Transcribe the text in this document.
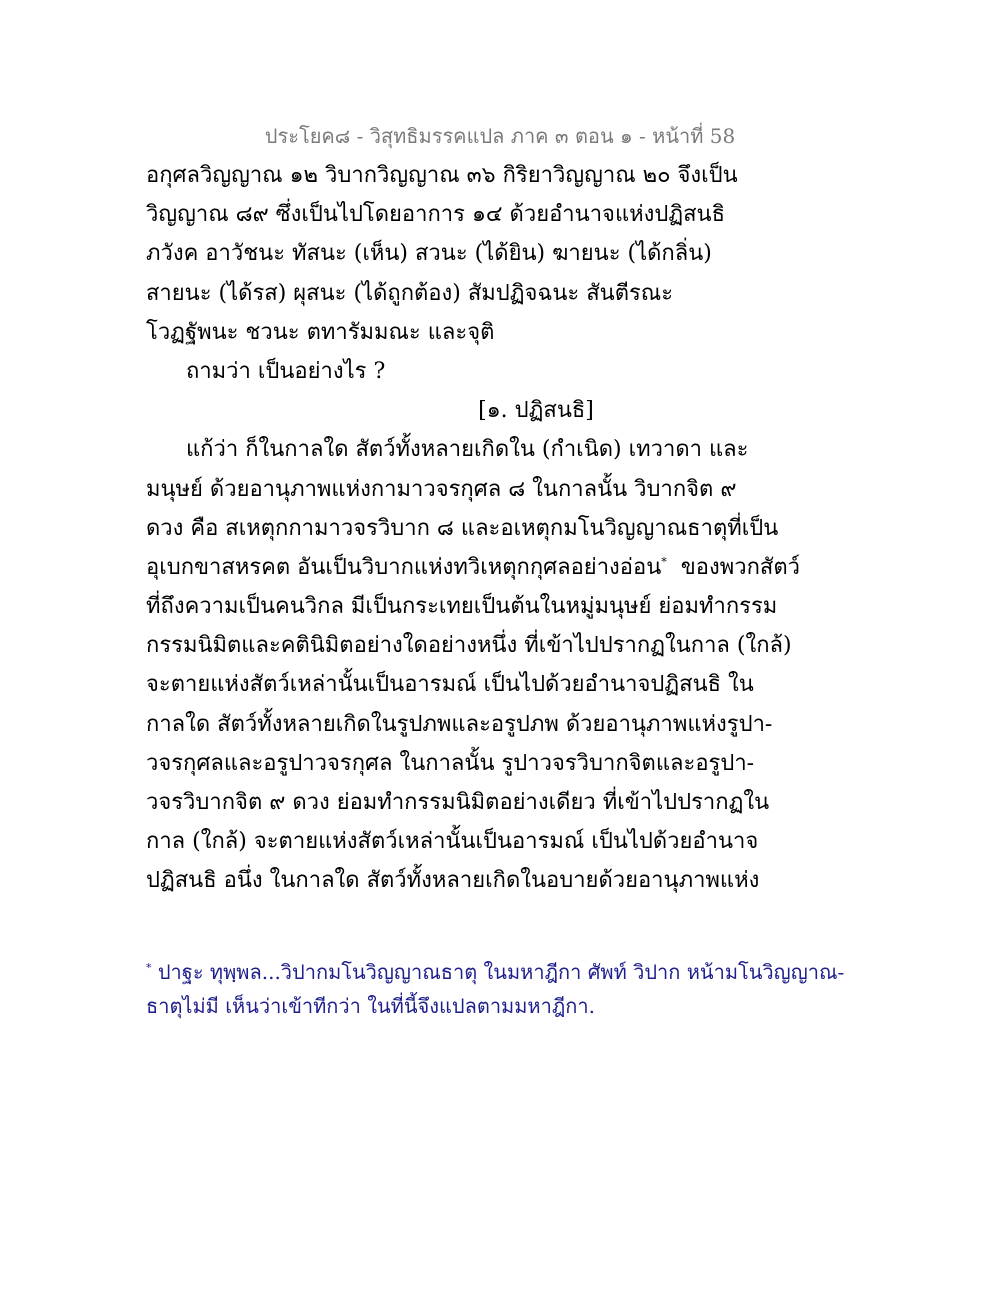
ประโยค๘ - วิสุทธิมรรคแปล ภาค ๓ ตอน ๑ - หน้าที่ 58
อกุศลวิญญาณ ๑๒ วิบากวิญญาณ ๓๖ กิริยาวิญญาณ ๒๐ จึงเป็น
วิญญาณ ๘๙ ซึ่งเป็นไปโดยอาการ ๑๔ ด้วยอำนาจแห่งปฏิสนธิ
ภวังค อาวัชนะ ทัสนะ (เห็น) สวนะ (ได้ยิน) ฆายนะ (ได้กลิ่น)
สายนะ (ได้รส) ผุสนะ (ได้ถูกต้อง) สัมปฏิจฉนะ สันตีรณะ
โวฏฐัพนะ ชวนะ ตทารัมมณะ และจุติ
ถามว่า เป็นอย่างไร ?
[๑. ปฏิสนธิ]
แก้ว่า ก็ในกาลใด สัตว์ทั้งหลายเกิดใน (กำเนิด) เทวาดา และ
มนุษย์ ด้วยอานุภาพแห่งกามาวจรกุศล ๘ ในกาลนั้น วิบากจิต ๙
ดวง คือ สเหตุกกามาวจรวิบาก ๘ และอเหตุกมโนวิญญาณธาตุที่เป็น
อุเบกขาสหรคต อันเป็นวิบากแห่งทวิเหตุกกุศลอย่างอ่อน* ของพวกสัตว์
ที่ถึงความเป็นคนวิกล มีเป็นกระเทยเป็นต้นในหมู่มนุษย์ ย่อมทำกรรม
กรรมนิมิตและคตินิมิตอย่างใดอย่างหนึ่ง ที่เข้าไปปรากฏในกาล (ใกล้)
จะตายแห่งสัตว์เหล่านั้นเป็นอารมณ์ เป็นไปด้วยอำนาจปฏิสนธิ ใน
กาลใด สัตว์ทั้งหลายเกิดในรูปภพและอรูปภพ ด้วยอานุภาพแห่งรูปา-
วจรกุศลและอรูปาวจรกุศล ในกาลนั้น รูปาวจรวิบากจิตและอรูปา-
วจรวิบากจิต ๙ ดวง ย่อมทำกรรมนิมิตอย่างเดียว ที่เข้าไปปรากฏใน
กาล (ใกล้) จะตายแห่งสัตว์เหล่านั้นเป็นอารมณ์ เป็นไปด้วยอำนาจ
ปฏิสนธิ อนึ่ง ในกาลใด สัตว์ทั้งหลายเกิดในอบายด้วยอานุภาพแห่ง
* ปาฐะ ทุพฺพล...วิปากมโนวิญญาณธาตุ ในมหาฎีกา ศัพท์ วิปาก หน้ามโนวิญญาณ-
ธาตุไม่มี เห็นว่าเข้าทีกว่า ในที่นี้จึงแปลตามมหาฎีกา.
